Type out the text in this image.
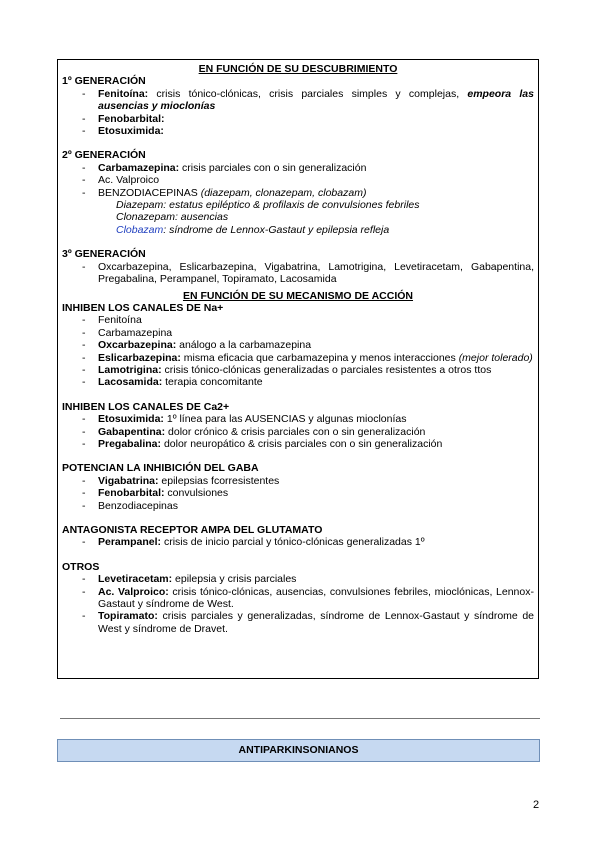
EN FUNCIÓN DE SU DESCUBRIMIENTO

1º GENERACIÓN

- Fenitoína: crisis tónico-clónicas, crisis parciales simples y complejas, empeora las ausencias y mioclonías
- Fenobarbital:
- Etosuximida:

2º GENERACIÓN

- Carbamazepina: crisis parciales con o sin generalización
- Ac. Valproico
- BENZODIACEPINAS (diazepam, clonazepam, clobazam)
Diazepam: estatus epiléptico & profilaxis de convulsiones febriles
Clonazepam: ausencias
Clobazam: síndrome de Lennox-Gastaut y epilepsia refleja

3º GENERACIÓN

- Oxcarbazepina, Eslicarbazepina, Vigabatrina, Lamotrigina, Levetiracetam, Gabapentina, Pregabalina, Perampanel, Topiramato, Lacosamida

EN FUNCIÓN DE SU MECANISMO DE ACCIÓN

INHIBEN LOS CANALES DE Na+

- Fenitoína
- Carbamazepina
- Oxcarbazepina: análogo a la carbamazepina
- Eslicarbazepina: misma eficacia que carbamazepina y menos interacciones (mejor tolerado)
- Lamotrigina: crisis tónico-clónicas generalizadas o parciales resistentes a otros ttos
- Lacosamida: terapia concomitante

INHIBEN LOS CANALES DE Ca2+

- Etosuximida: 1º línea para las AUSENCIAS y algunas mioclonías
- Gabapentina: dolor crónico & crisis parciales con o sin generalización
- Pregabalina: dolor neuropático & crisis parciales con o sin generalización

POTENCIAN LA INHIBICIÓN DEL GABA

- Vigabatrina: epilepsias fcorresistentes
- Fenobarbital: convulsiones
- Benzodiacepinas

ANTAGONISTA RECEPTOR AMPA DEL GLUTAMATO

- Perampanel: crisis de inicio parcial y tónico-clónicas generalizadas 1º

OTROS

- Levetiracetam: epilepsia y crisis parciales
- Ac. Valproico: crisis tónico-clónicas, ausencias, convulsiones febriles, mioclónicas, Lennox-Gastaut y síndrome de West.
- Topiramato: crisis parciales y generalizadas, síndrome de Lennox-Gastaut y síndrome de West y síndrome de Dravet.
ANTIPARKINSONIANOS
2
